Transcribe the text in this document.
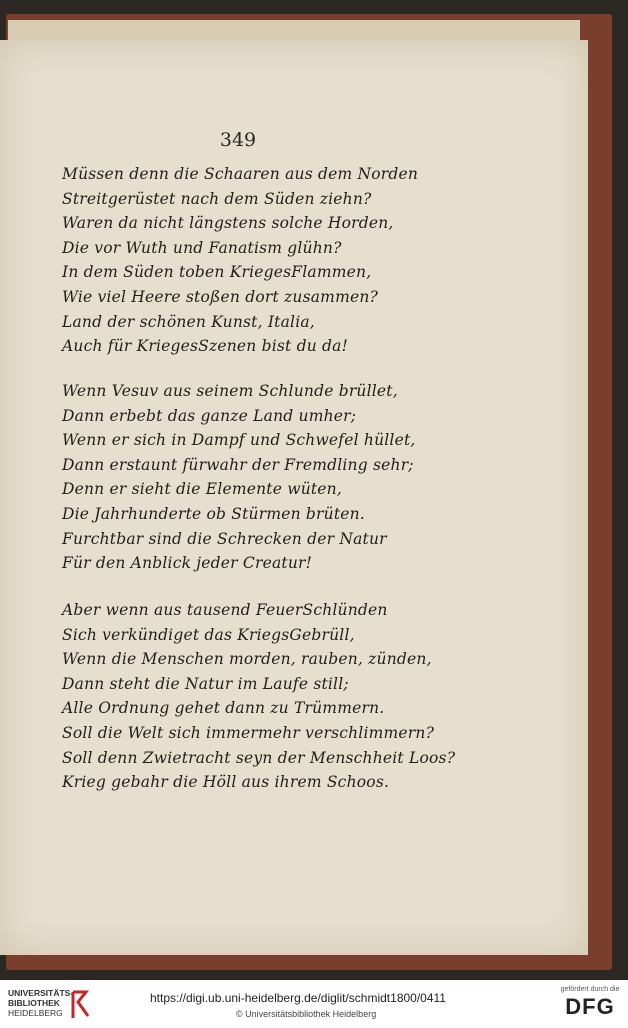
349
Müssen denn die Schaaren aus dem Norden
Streitgerüstet nach dem Süden ziehn?
Waren da nicht längstens solche Horden,
Die vor Wuth und Fanatism glühn?
In dem Süden toben KriegesFlammen,
Wie viel Heere stoßen dort zusammen?
Land der schönen Kunst, Italia,
Auch für KriegesSzenen bist du da!
Wenn Vesuv aus seinem Schlunde brüllet,
Dann erbebt das ganze Land umher;
Wenn er sich in Dampf und Schwefel hüllet,
Dann erstaunt fürwahr der Fremdling sehr;
Denn er sieht die Elemente wüten,
Die Jahrhunderte ob Stürmen brüten.
Furchtbar sind die Schrecken der Natur
Für den Anblick jeder Creatur!
Aber wenn aus tausend FeuerSchlünden
Sich verkündiget das KriegsGebrüll,
Wenn die Menschen morden, rauben, zünden,
Dann steht die Natur im Laufe still;
Alle Ordnung gehet dann zu Trümmern.
Soll die Welt sich immermehr verschlimmern?
Soll denn Zwietracht seyn der Menschheit Loos?
Krieg gebahr die Höll aus ihrem Schoos.
UNIVERSITÄTS-
BIBLIOTHEK
HEIDELBERG
https://digi.ub.uni-heidelberg.de/diglit/schmidt1800/0411
© Universitätsbibliothek Heidelberg
gefördert durch die
DFG
